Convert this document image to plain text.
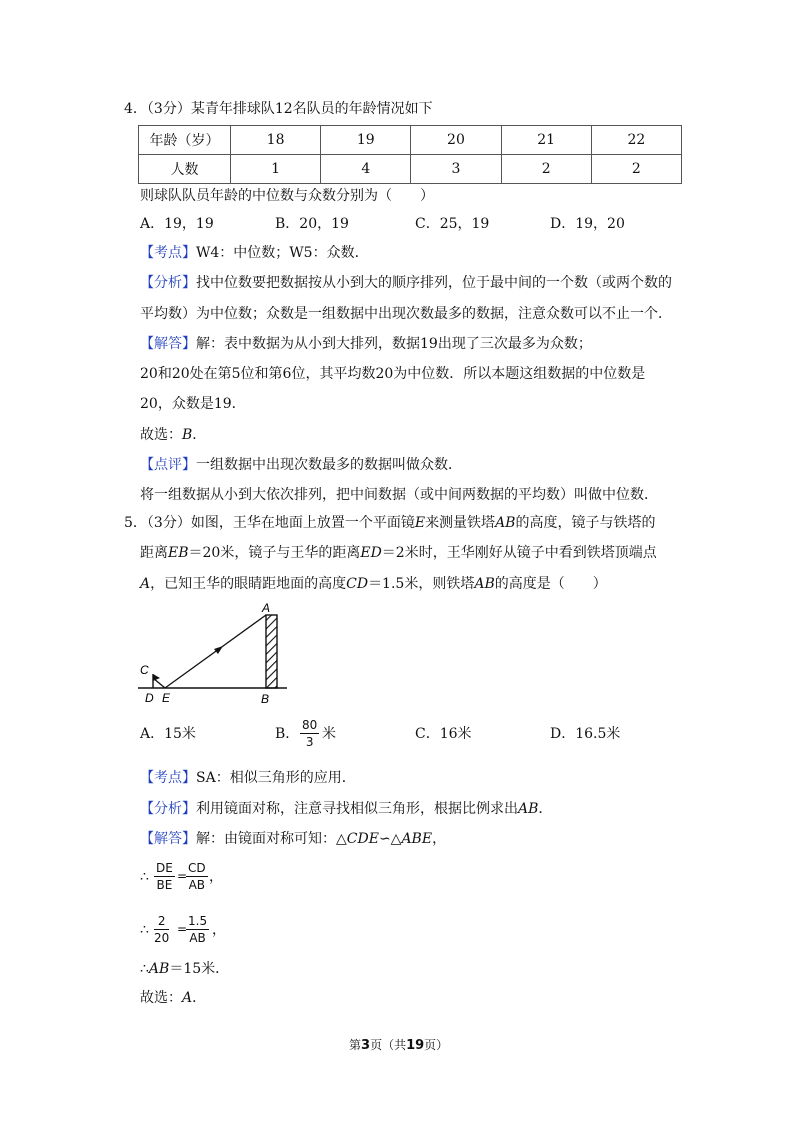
4．（3分）某青年排球队12名队员的年龄情况如下
年龄（岁）	18	19	20	21	22
人数	1	4	3	2	2
则球队队员年龄的中位数与众数分别为（　　）
A．19，19	B．20，19	C．25，19	D．19，20
【考点】W4：中位数；W5：众数．
【分析】找中位数要把数据按从小到大的顺序排列，位于最中间的一个数（或两个数的
平均数）为中位数；众数是一组数据中出现次数最多的数据，注意众数可以不止一个．
【解答】解：表中数据为从小到大排列，数据19出现了三次最多为众数；
20和20处在第5位和第6位，其平均数20为中位数．所以本题这组数据的中位数是
20，众数是19．
故选：B．
【点评】一组数据中出现次数最多的数据叫做众数．
将一组数据从小到大依次排列，把中间数据（或中间两数据的平均数）叫做中位数．
5．（3分）如图，王华在地面上放置一个平面镜E来测量铁塔AB的高度，镜子与铁塔的
距离EB＝20米，镜子与王华的距离ED＝2米时，王华刚好从镜子中看到铁塔顶端点
A，已知王华的眼睛距地面的高度CD＝1.5米，则铁塔AB的高度是（　　）
A
C
D E	B
A．15米	B． $\frac{80}{3}$ 米	C．16米	D．16.5米
【考点】SA：相似三角形的应用．
【分析】利用镜面对称，注意寻找相似三角形，根据比例求出AB．
【解答】解：由镜面对称可知：△CDE∽△ABE，
∴ $\frac{DE}{BE}$ =
$\frac{CD}{AB}$ ，
∴ $\frac{2}{20}$ =
$\frac{1.5}{AB}$ ，
∴AB＝15米．
故选：A．
第3页（共19页）
